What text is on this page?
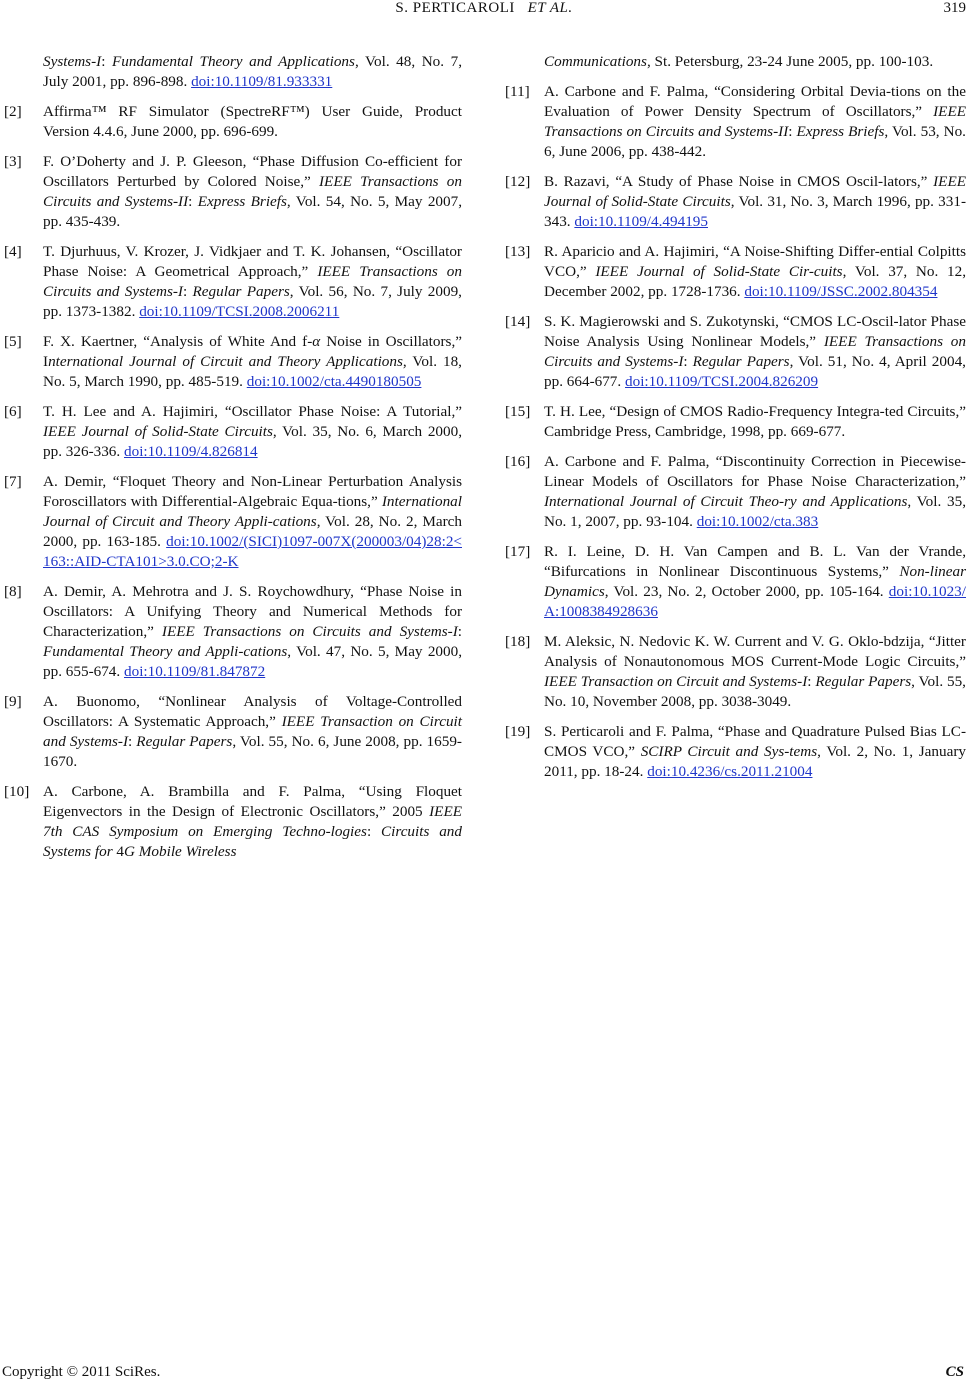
S. PERTICAROLI ET AL.	319
Systems-I: Fundamental Theory and Applications, Vol. 48, No. 7, July 2001, pp. 896-898. doi:10.1109/81.933331
[2]	Affirma™ RF Simulator (SpectreRF™) User Guide, Product Version 4.4.6, June 2000, pp. 696-699.
[3]	F. O’Doherty and J. P. Gleeson, “Phase Diffusion Co-efficient for Oscillators Perturbed by Colored Noise,” IEEE Transactions on Circuits and Systems-II: Express Briefs, Vol. 54, No. 5, May 2007, pp. 435-439.
[4]	T. Djurhuus, V. Krozer, J. Vidkjaer and T. K. Johansen, “Oscillator Phase Noise: A Geometrical Approach,” IEEE Transactions on Circuits and Systems-I: Regular Papers, Vol. 56, No. 7, July 2009, pp. 1373-1382. doi:10.1109/TCSI.2008.2006211
[5]	F. X. Kaertner, “Analysis of White And f-α Noise in Oscillators,” International Journal of Circuit and Theory Applications, Vol. 18, No. 5, March 1990, pp. 485-519. doi:10.1002/cta.4490180505
[6]	T. H. Lee and A. Hajimiri, “Oscillator Phase Noise: A Tutorial,” IEEE Journal of Solid-State Circuits, Vol. 35, No. 6, March 2000, pp. 326-336. doi:10.1109/4.826814
[7]	A. Demir, “Floquet Theory and Non-Linear Perturbation Analysis Foroscillators with Differential-Algebraic Equa-tions,” International Journal of Circuit and Theory Appli-cations, Vol. 28, No. 2, March 2000, pp. 163-185. doi:10.1002/(SICI)1097-007X(200003/04)28:2<163::AID-CTA101>3.0.CO;2-K
[8]	A. Demir, A. Mehrotra and J. S. Roychowdhury, “Phase Noise in Oscillators: A Unifying Theory and Numerical Methods for Characterization,” IEEE Transactions on Circuits and Systems-I: Fundamental Theory and Appli-cations, Vol. 47, No. 5, May 2000, pp. 655-674. doi:10.1109/81.847872
[9]	A. Buonomo, “Nonlinear Analysis of Voltage-Controlled Oscillators: A Systematic Approach,” IEEE Transaction on Circuit and Systems-I: Regular Papers, Vol. 55, No. 6, June 2008, pp. 1659-1670.
[10] A. Carbone, A. Brambilla and F. Palma, “Using Floquet Eigenvectors in the Design of Electronic Oscillators,” 2005 IEEE 7th CAS Symposium on Emerging Techno-logies: Circuits and Systems for 4G Mobile Wireless
Communications, St. Petersburg, 23-24 June 2005, pp. 100-103.
[11] A. Carbone and F. Palma, “Considering Orbital Devia-tions on the Evaluation of Power Density Spectrum of Oscillators,” IEEE Transactions on Circuits and Systems-II: Express Briefs, Vol. 53, No. 6, June 2006, pp. 438-442.
[12] B. Razavi, “A Study of Phase Noise in CMOS Oscil-lators,” IEEE Journal of Solid-State Circuits, Vol. 31, No. 3, March 1996, pp. 331-343. doi:10.1109/4.494195
[13] R. Aparicio and A. Hajimiri, “A Noise-Shifting Differ-ential Colpitts VCO,” IEEE Journal of Solid-State Cir-cuits, Vol. 37, No. 12, December 2002, pp. 1728-1736. doi:10.1109/JSSC.2002.804354
[14] S. K. Magierowski and S. Zukotynski, “CMOS LC-Oscil-lator Phase Noise Analysis Using Nonlinear Models,” IEEE Transactions on Circuits and Systems-I: Regular Papers, Vol. 51, No. 4, April 2004, pp. 664-677. doi:10.1109/TCSI.2004.826209
[15] T. H. Lee, “Design of CMOS Radio-Frequency Integra-ted Circuits,” Cambridge Press, Cambridge, 1998, pp. 669-677.
[16] A. Carbone and F. Palma, “Discontinuity Correction in Piecewise-Linear Models of Oscillators for Phase Noise Characterization,” International Journal of Circuit Theo-ry and Applications, Vol. 35, No. 1, 2007, pp. 93-104. doi:10.1002/cta.383
[17] R. I. Leine, D. H. Van Campen and B. L. Van der Vrande, “Bifurcations in Nonlinear Discontinuous Systems,” Non-linear Dynamics, Vol. 23, No. 2, October 2000, pp. 105-164. doi:10.1023/A:1008384928636
[18] M. Aleksic, N. Nedovic K. W. Current and V. G. Oklo-bdzija, “Jitter Analysis of Nonautonomous MOS Current-Mode Logic Circuits,” IEEE Transaction on Circuit and Systems-I: Regular Papers, Vol. 55, No. 10, November 2008, pp. 3038-3049.
[19] S. Perticaroli and F. Palma, “Phase and Quadrature Pulsed Bias LC-CMOS VCO,” SCIRP Circuit and Sys-tems, Vol. 2, No. 1, January 2011, pp. 18-24. doi:10.4236/cs.2011.21004
Copyright © 2011 SciRes.	CS
